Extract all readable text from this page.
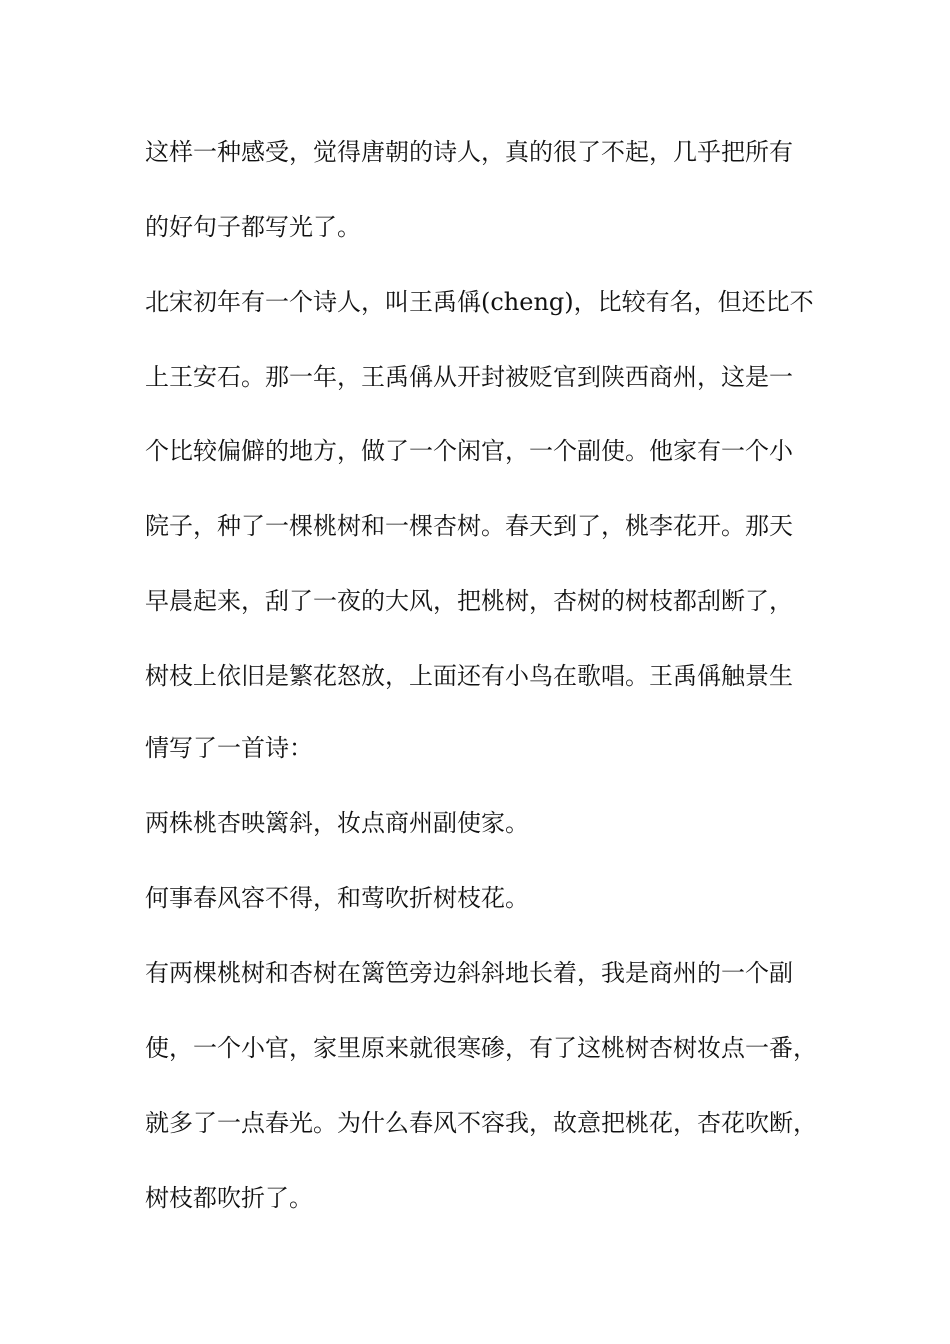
这样一种感受，觉得唐朝的诗人，真的很了不起，几乎把所有

的好句子都写光了。

北宋初年有一个诗人，叫王禹偁(cheng)，比较有名，但还比不

上王安石。那一年，王禹偁从开封被贬官到陕西商州，这是一

个比较偏僻的地方，做了一个闲官，一个副使。他家有一个小

院子，种了一棵桃树和一棵杏树。春天到了，桃李花开。那天

早晨起来，刮了一夜的大风，把桃树，杏树的树枝都刮断了，

树枝上依旧是繁花怒放，上面还有小鸟在歌唱。王禹偁触景生

情写了一首诗：

两株桃杏映篱斜，妆点商州副使家。

何事春风容不得，和莺吹折树枝花。

有两棵桃树和杏树在篱笆旁边斜斜地长着，我是商州的一个副

使，一个小官，家里原来就很寒碜，有了这桃树杏树妆点一番，

就多了一点春光。为什么春风不容我，故意把桃花，杏花吹断，

树枝都吹折了。
